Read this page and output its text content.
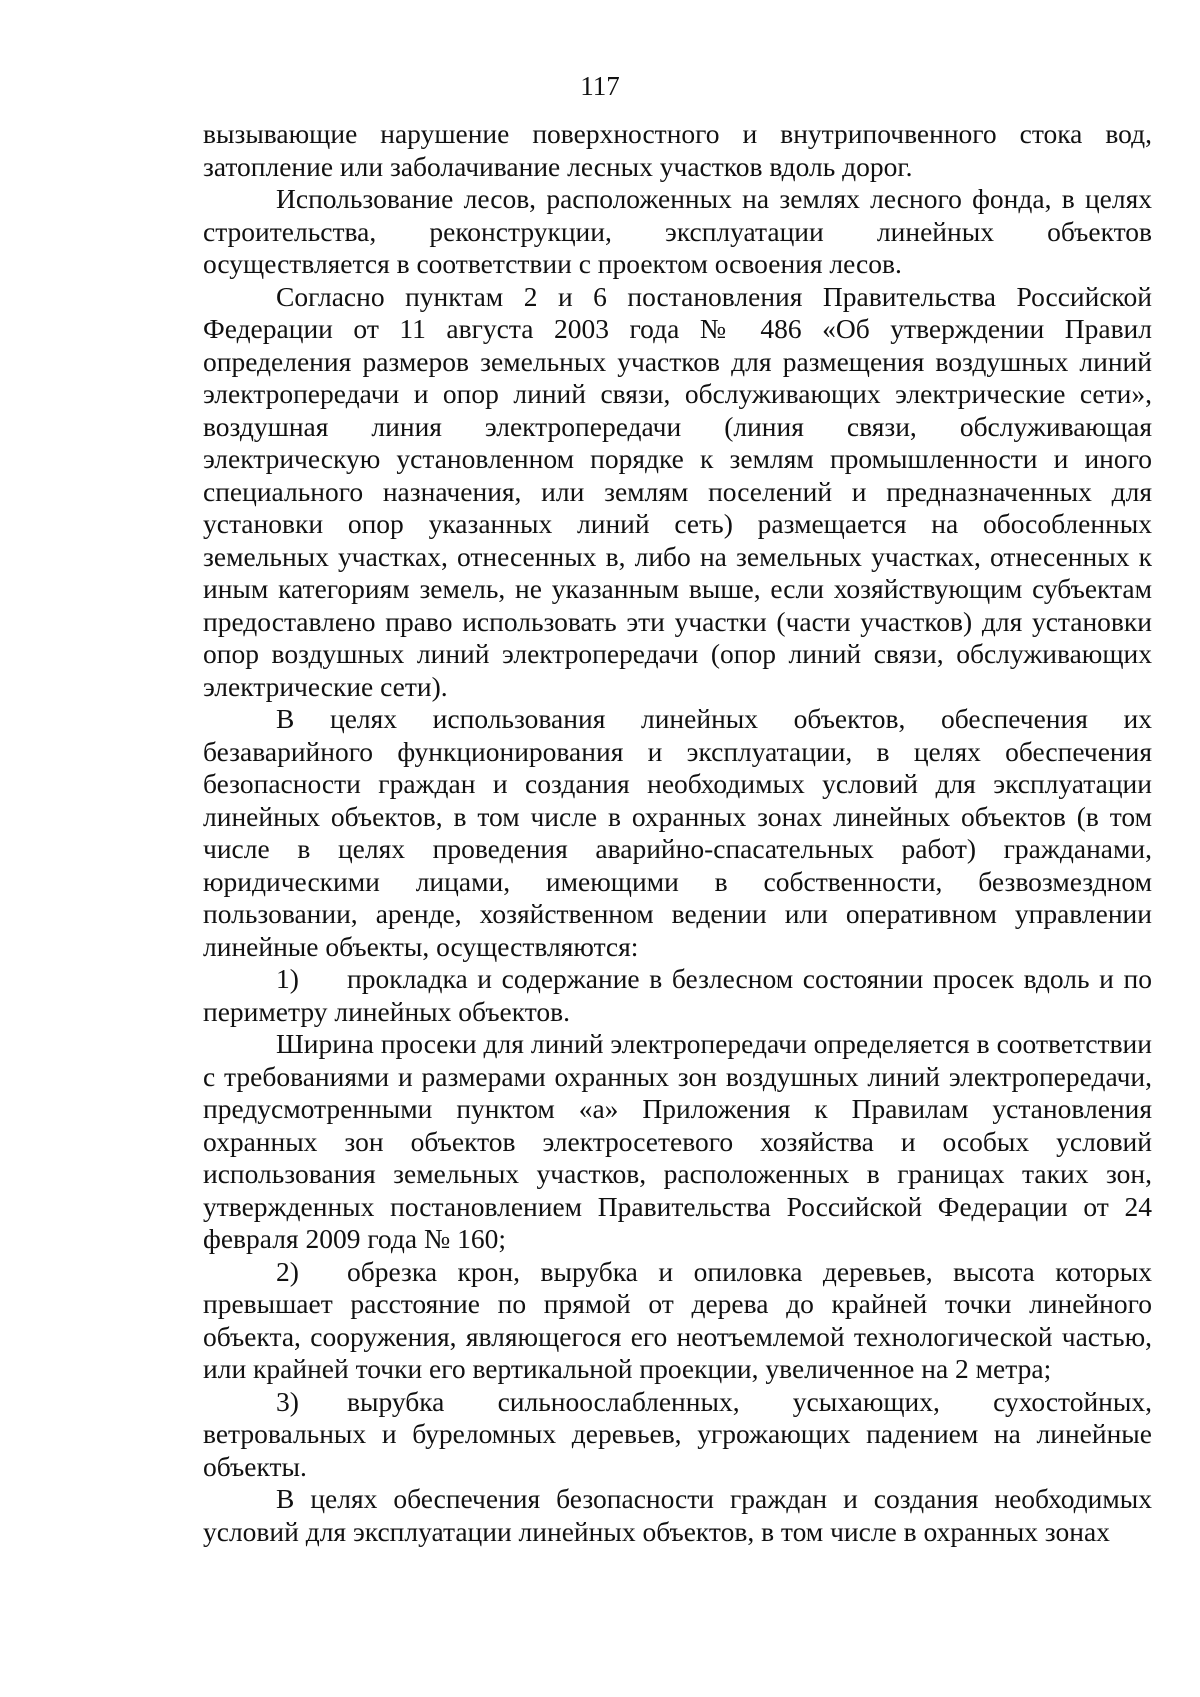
117

вызывающие нарушение поверхностного и внутрипочвенного стока вод, затопление или заболачивание лесных участков вдоль дорог.

Использование лесов, расположенных на землях лесного фонда, в целях строительства, реконструкции, эксплуатации линейных объектов осуществляется в соответствии с проектом освоения лесов.

Согласно пунктам 2 и 6 постановления Правительства Российской Федерации от 11 августа 2003 года № 486 «Об утверждении Правил определения размеров земельных участков для размещения воздушных линий электропередачи и опор линий связи, обслуживающих электрические сети», воздушная линия электропередачи (линия связи, обслуживающая электрическую установленном порядке к землям промышленности и иного специального назначения, или землям поселений и предназначенных для установки опор указанных линий сеть) размещается на обособленных земельных участках, отнесенных в, либо на земельных участках, отнесенных к иным категориям земель, не указанным выше, если хозяйствующим субъектам предоставлено право использовать эти участки (части участков) для установки опор воздушных линий электропередачи (опор линий связи, обслуживающих электрические сети).

В целях использования линейных объектов, обеспечения их безаварийного функционирования и эксплуатации, в целях обеспечения безопасности граждан и создания необходимых условий для эксплуатации линейных объектов, в том числе в охранных зонах линейных объектов (в том числе в целях проведения аварийно-спасательных работ) гражданами, юридическими лицами, имеющими в собственности, безвозмездном пользовании, аренде, хозяйственном ведении или оперативном управлении линейные объекты, осуществляются:

1) прокладка и содержание в безлесном состоянии просек вдоль и по периметру линейных объектов.

Ширина просеки для линий электропередачи определяется в соответствии с требованиями и размерами охранных зон воздушных линий электропередачи, предусмотренными пунктом «а» Приложения к Правилам установления охранных зон объектов электросетевого хозяйства и особых условий использования земельных участков, расположенных в границах таких зон, утвержденных постановлением Правительства Российской Федерации от 24 февраля 2009 года № 160;

2) обрезка крон, вырубка и опиловка деревьев, высота которых превышает расстояние по прямой от дерева до крайней точки линейного объекта, сооружения, являющегося его неотъемлемой технологической частью, или крайней точки его вертикальной проекции, увеличенное на 2 метра;

3) вырубка сильноослабленных, усыхающих, сухостойных, ветровальных и буреломных деревьев, угрожающих падением на линейные объекты.

В целях обеспечения безопасности граждан и создания необходимых условий для эксплуатации линейных объектов, в том числе в охранных зонах
